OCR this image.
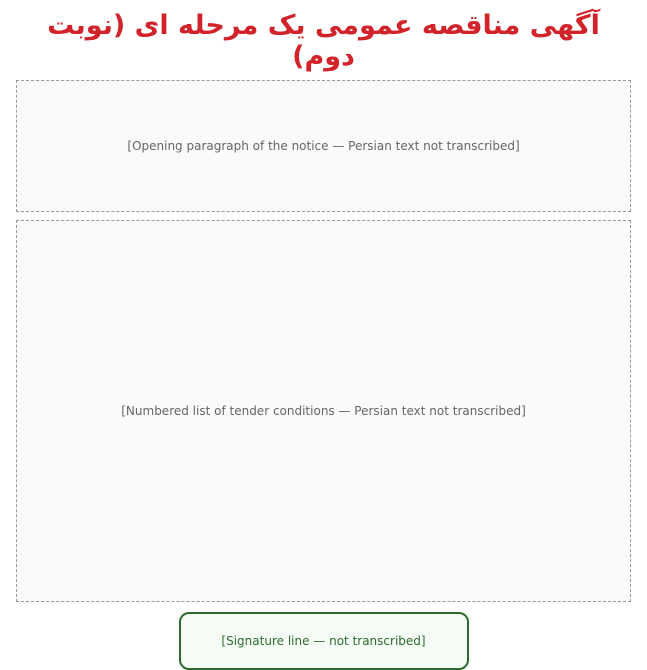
آگهی مناقصه عمومی یک مرحله ای (نوبت دوم)
[Opening paragraph of the notice — Persian text not transcribed]
[Numbered list of tender conditions — Persian text not transcribed]
[Signature line — not transcribed]
